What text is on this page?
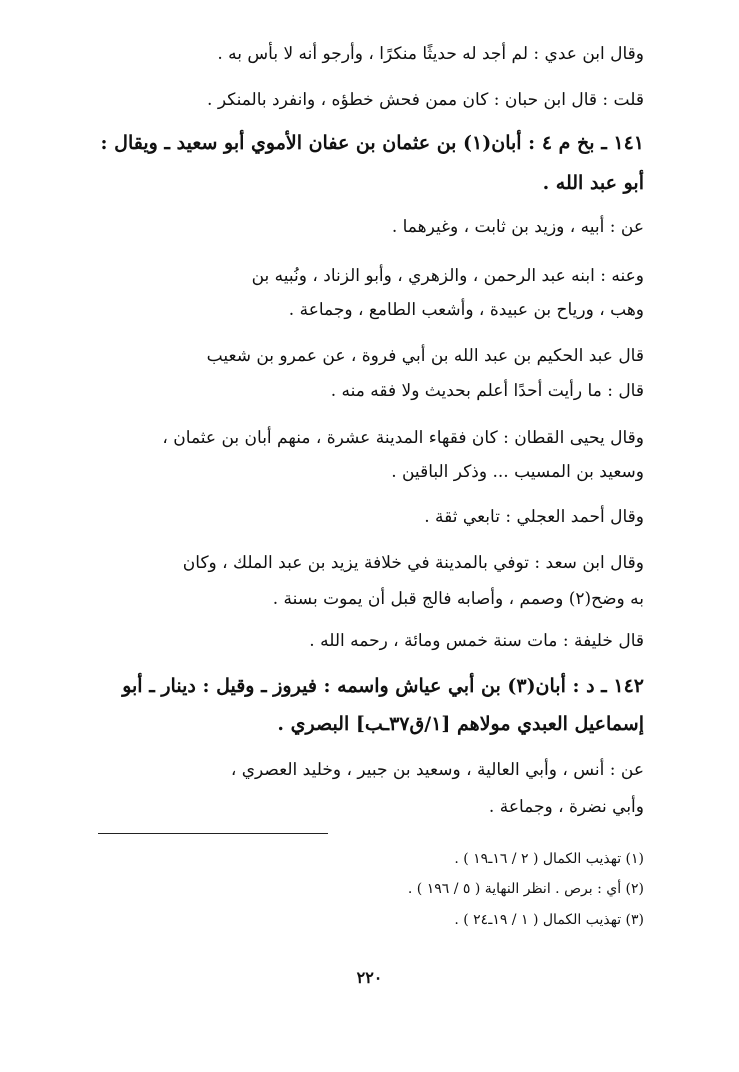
وقال ابن عدي : لم أجد له حديثًا منكرًا ، وأرجو أنه لا بأس به .
قلت : قال ابن حبان : كان ممن فحش خطؤه ، وانفرد بالمنكر .
١٤١ ـ بخ م ٤ : أبان(١) بن عثمان بن عفان الأموي أبو سعيد ـ ويقال :
أبو عبد الله .
عن : أبيه ، وزيد بن ثابت ، وغيرهما .
وعنه : ابنه عبد الرحمن ، والزهري ، وأبو الزناد ، ونُبيه بن
وهب ، ورياح بن عبيدة ، وأشعب الطامع ، وجماعة .
قال عبد الحكيم بن عبد الله بن أبي فروة ، عن عمرو بن شعيب
قال : ما رأيت أحدًا أعلم بحديث ولا فقه منه .
وقال يحيى القطان : كان فقهاء المدينة عشرة ، منهم أبان بن عثمان ،
وسعيد بن المسيب ... وذكر الباقين .
وقال أحمد العجلي : تابعي ثقة .
وقال ابن سعد : توفي بالمدينة في خلافة يزيد بن عبد الملك ، وكان
به وضح(٢) وصمم ، وأصابه فالج قبل أن يموت بسنة .
قال خليفة : مات سنة خمس ومائة ، رحمه الله .
١٤٢ ـ د : أبان(٣) بن أبي عياش واسمه : فيروز ـ وقيل : دينار ـ أبو
إسماعيل العبدي مولاهم [١/ق٣٧ـب] البصري .
عن : أنس ، وأبي العالية ، وسعيد بن جبير ، وخليد العصري ،
وأبي نضرة ، وجماعة .
(١) تهذيب الكمال ( ٢ / ١٦ـ١٩ ) .
(٢) أي : برص . انظر النهاية ( ٥ / ١٩٦ ) .
(٣) تهذيب الكمال ( ١ / ١٩ـ٢٤ ) .
٢٢٠
